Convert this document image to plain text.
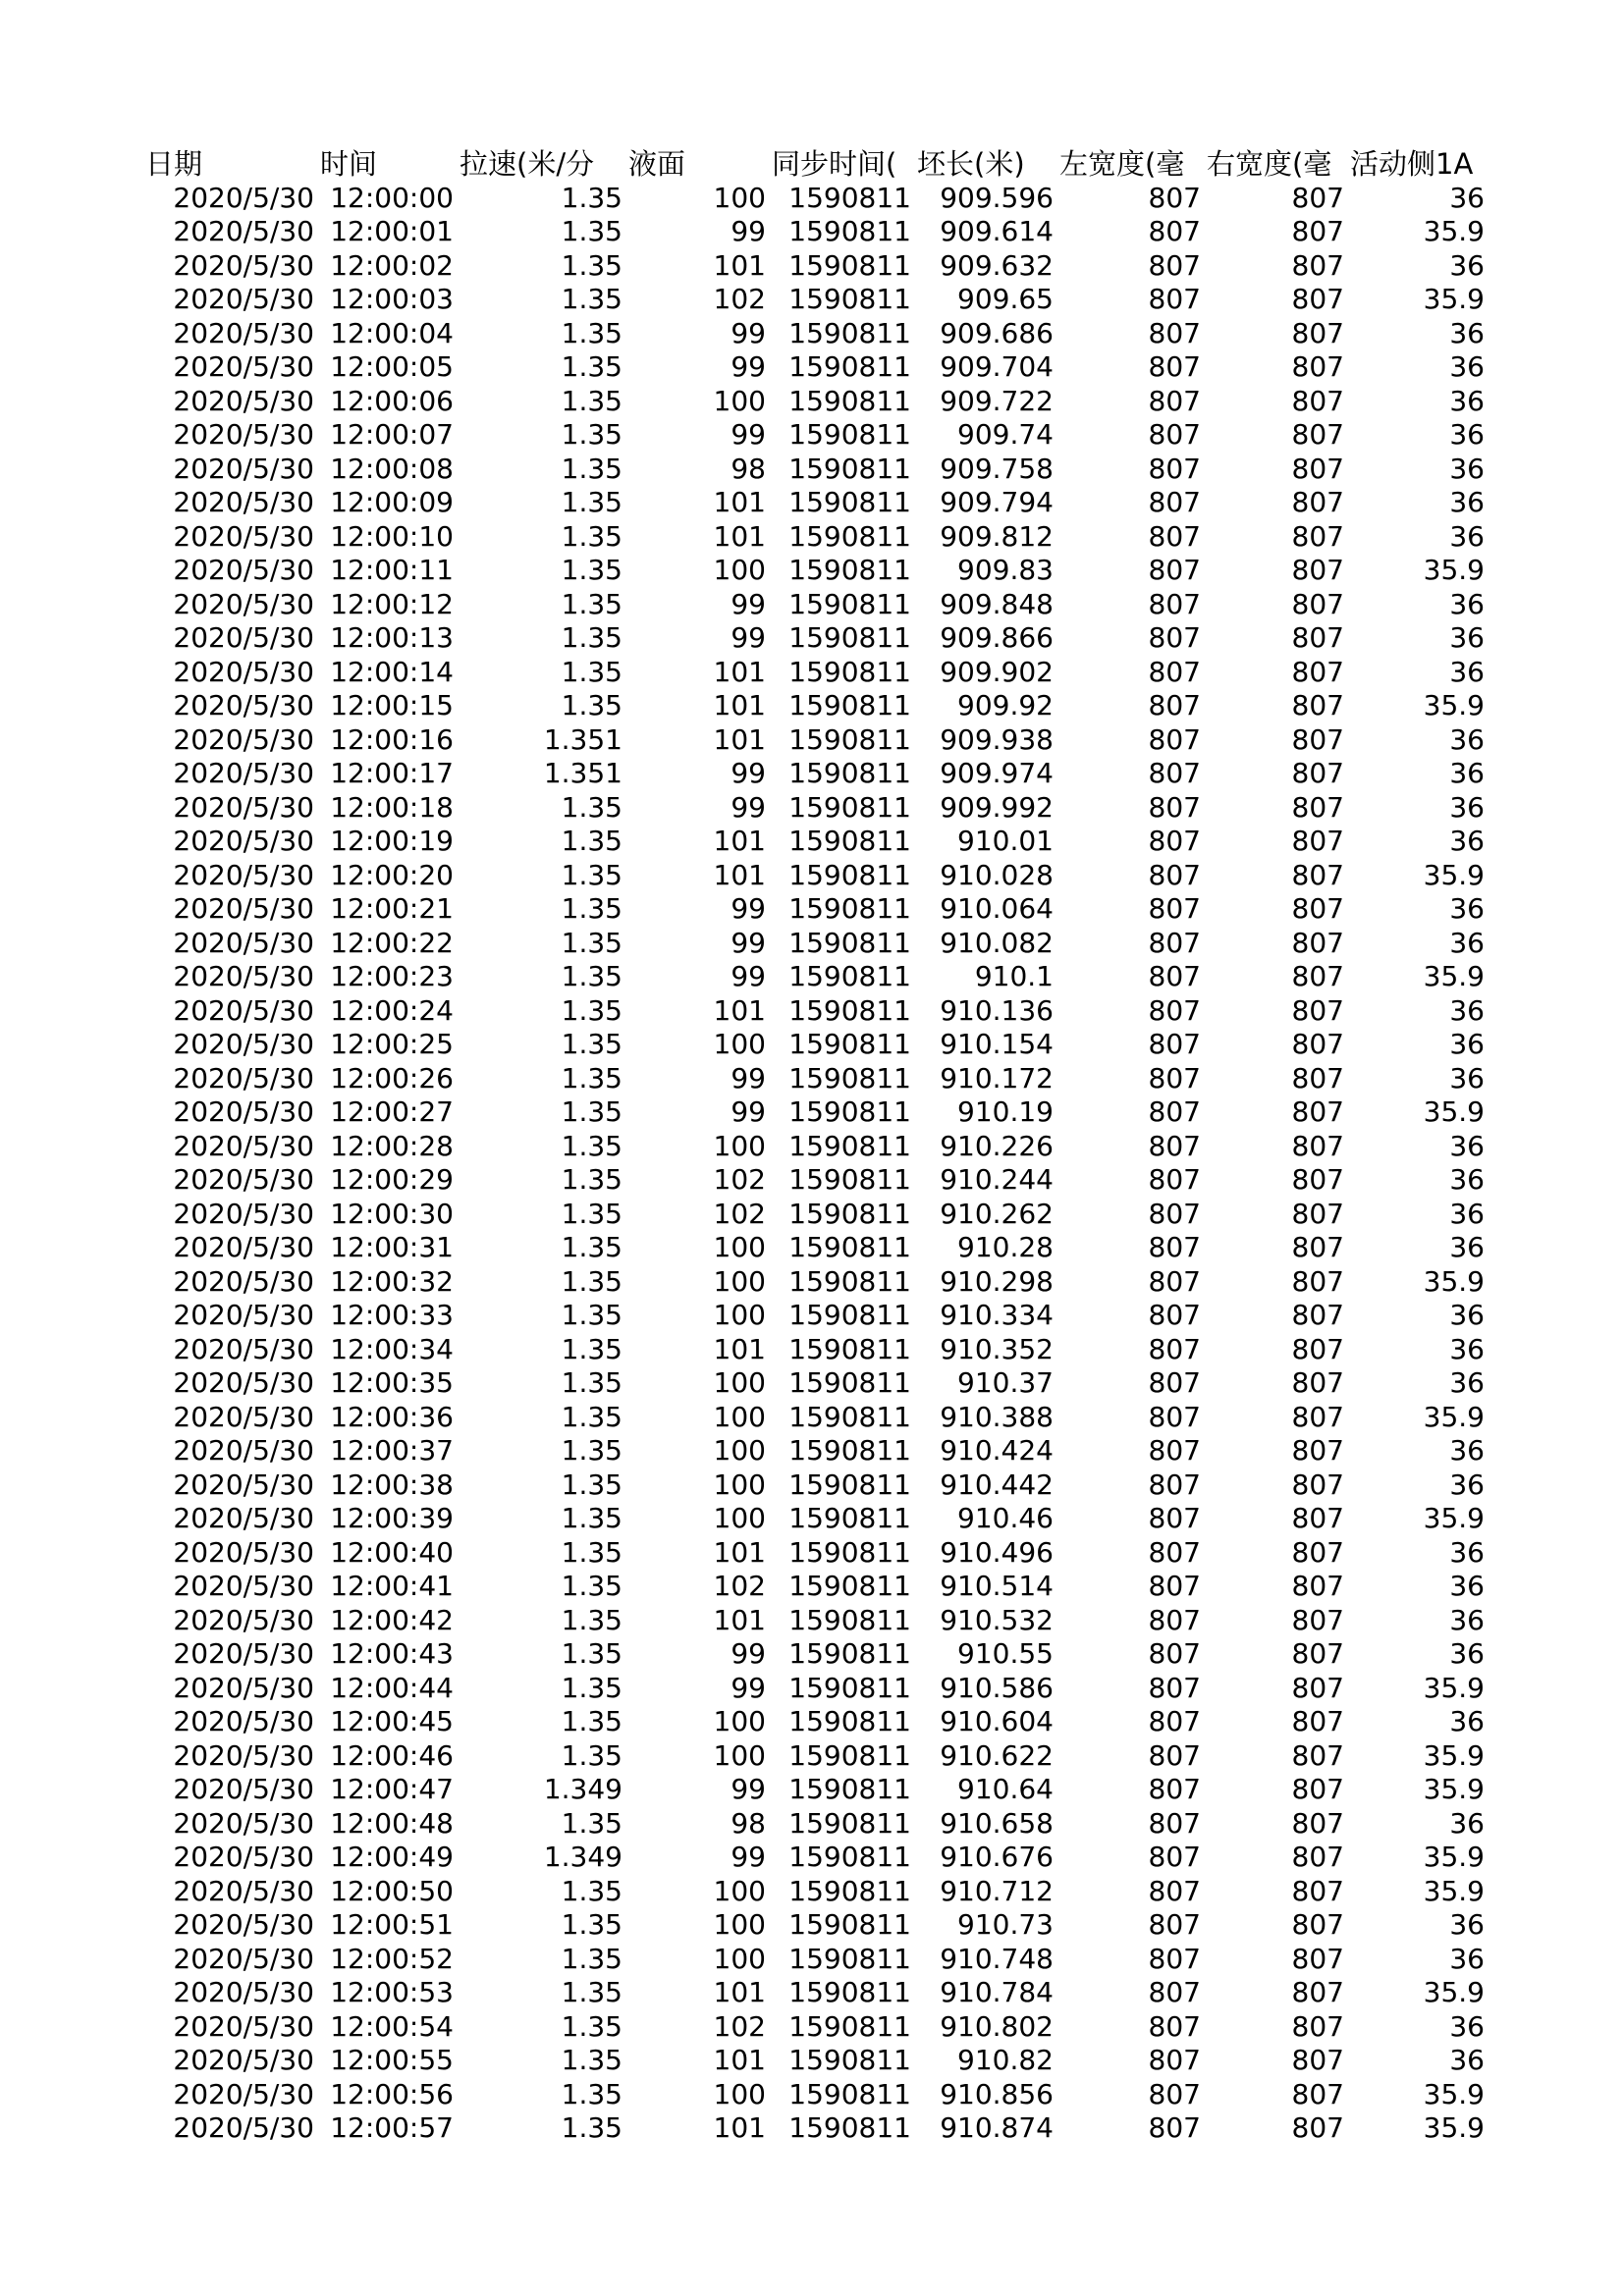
日期	时间	拉速(米/分	液面	同步时间(	坯长(米)	左宽度(毫	右宽度(毫	活动侧1A
2020/5/30	12:00:00	1.35	100	1590811	909.596	807	807	36
2020/5/30	12:00:01	1.35	99	1590811	909.614	807	807	35.9
2020/5/30	12:00:02	1.35	101	1590811	909.632	807	807	36
2020/5/30	12:00:03	1.35	102	1590811	909.65	807	807	35.9
2020/5/30	12:00:04	1.35	99	1590811	909.686	807	807	36
2020/5/30	12:00:05	1.35	99	1590811	909.704	807	807	36
2020/5/30	12:00:06	1.35	100	1590811	909.722	807	807	36
2020/5/30	12:00:07	1.35	99	1590811	909.74	807	807	36
2020/5/30	12:00:08	1.35	98	1590811	909.758	807	807	36
2020/5/30	12:00:09	1.35	101	1590811	909.794	807	807	36
2020/5/30	12:00:10	1.35	101	1590811	909.812	807	807	36
2020/5/30	12:00:11	1.35	100	1590811	909.83	807	807	35.9
2020/5/30	12:00:12	1.35	99	1590811	909.848	807	807	36
2020/5/30	12:00:13	1.35	99	1590811	909.866	807	807	36
2020/5/30	12:00:14	1.35	101	1590811	909.902	807	807	36
2020/5/30	12:00:15	1.35	101	1590811	909.92	807	807	35.9
2020/5/30	12:00:16	1.351	101	1590811	909.938	807	807	36
2020/5/30	12:00:17	1.351	99	1590811	909.974	807	807	36
2020/5/30	12:00:18	1.35	99	1590811	909.992	807	807	36
2020/5/30	12:00:19	1.35	101	1590811	910.01	807	807	36
2020/5/30	12:00:20	1.35	101	1590811	910.028	807	807	35.9
2020/5/30	12:00:21	1.35	99	1590811	910.064	807	807	36
2020/5/30	12:00:22	1.35	99	1590811	910.082	807	807	36
2020/5/30	12:00:23	1.35	99	1590811	910.1	807	807	35.9
2020/5/30	12:00:24	1.35	101	1590811	910.136	807	807	36
2020/5/30	12:00:25	1.35	100	1590811	910.154	807	807	36
2020/5/30	12:00:26	1.35	99	1590811	910.172	807	807	36
2020/5/30	12:00:27	1.35	99	1590811	910.19	807	807	35.9
2020/5/30	12:00:28	1.35	100	1590811	910.226	807	807	36
2020/5/30	12:00:29	1.35	102	1590811	910.244	807	807	36
2020/5/30	12:00:30	1.35	102	1590811	910.262	807	807	36
2020/5/30	12:00:31	1.35	100	1590811	910.28	807	807	36
2020/5/30	12:00:32	1.35	100	1590811	910.298	807	807	35.9
2020/5/30	12:00:33	1.35	100	1590811	910.334	807	807	36
2020/5/30	12:00:34	1.35	101	1590811	910.352	807	807	36
2020/5/30	12:00:35	1.35	100	1590811	910.37	807	807	36
2020/5/30	12:00:36	1.35	100	1590811	910.388	807	807	35.9
2020/5/30	12:00:37	1.35	100	1590811	910.424	807	807	36
2020/5/30	12:00:38	1.35	100	1590811	910.442	807	807	36
2020/5/30	12:00:39	1.35	100	1590811	910.46	807	807	35.9
2020/5/30	12:00:40	1.35	101	1590811	910.496	807	807	36
2020/5/30	12:00:41	1.35	102	1590811	910.514	807	807	36
2020/5/30	12:00:42	1.35	101	1590811	910.532	807	807	36
2020/5/30	12:00:43	1.35	99	1590811	910.55	807	807	36
2020/5/30	12:00:44	1.35	99	1590811	910.586	807	807	35.9
2020/5/30	12:00:45	1.35	100	1590811	910.604	807	807	36
2020/5/30	12:00:46	1.35	100	1590811	910.622	807	807	35.9
2020/5/30	12:00:47	1.349	99	1590811	910.64	807	807	35.9
2020/5/30	12:00:48	1.35	98	1590811	910.658	807	807	36
2020/5/30	12:00:49	1.349	99	1590811	910.676	807	807	35.9
2020/5/30	12:00:50	1.35	100	1590811	910.712	807	807	35.9
2020/5/30	12:00:51	1.35	100	1590811	910.73	807	807	36
2020/5/30	12:00:52	1.35	100	1590811	910.748	807	807	36
2020/5/30	12:00:53	1.35	101	1590811	910.784	807	807	35.9
2020/5/30	12:00:54	1.35	102	1590811	910.802	807	807	36
2020/5/30	12:00:55	1.35	101	1590811	910.82	807	807	36
2020/5/30	12:00:56	1.35	100	1590811	910.856	807	807	35.9
2020/5/30	12:00:57	1.35	101	1590811	910.874	807	807	35.9
